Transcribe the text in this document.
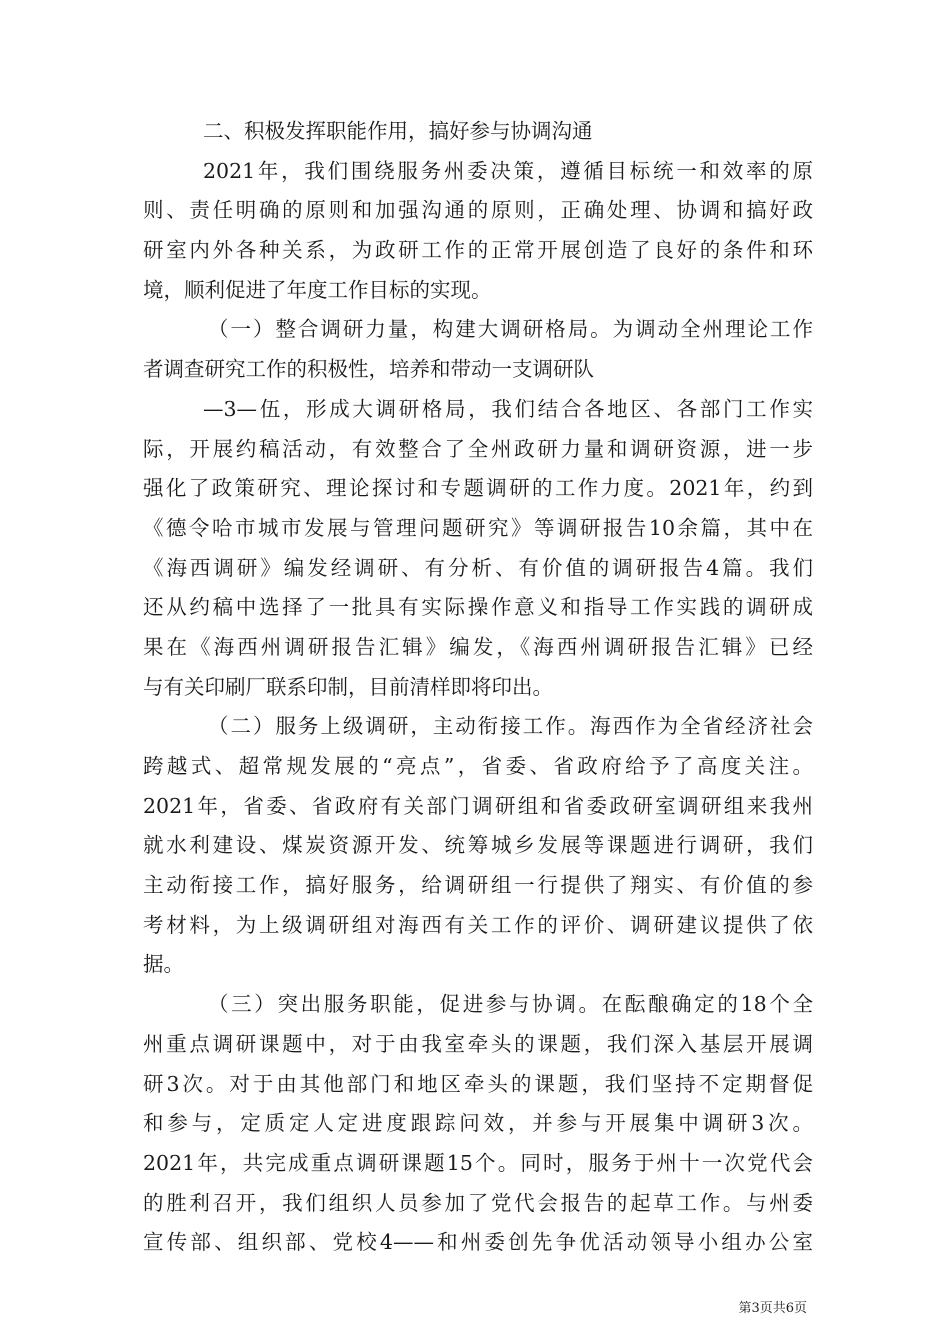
二、积极发挥职能作用，搞好参与协调沟通
2021年，我们围绕服务州委决策，遵循目标统一和效率的原
则、责任明确的原则和加强沟通的原则，正确处理、协调和搞好政
研室内外各种关系，为政研工作的正常开展创造了良好的条件和环
境，顺利促进了年度工作目标的实现。
（一）整合调研力量，构建大调研格局。为调动全州理论工作
者调查研究工作的积极性，培养和带动一支调研队
—3—伍，形成大调研格局，我们结合各地区、各部门工作实
际，开展约稿活动，有效整合了全州政研力量和调研资源，进一步
强化了政策研究、理论探讨和专题调研的工作力度。2021年，约到
《德令哈市城市发展与管理问题研究》等调研报告10余篇，其中在
《海西调研》编发经调研、有分析、有价值的调研报告4篇。我们
还从约稿中选择了一批具有实际操作意义和指导工作实践的调研成
果在《海西州调研报告汇辑》编发，《海西州调研报告汇辑》已经
与有关印刷厂联系印制，目前清样即将印出。
（二）服务上级调研，主动衔接工作。海西作为全省经济社会
跨越式、超常规发展的“亮点”，省委、省政府给予了高度关注。
2021年，省委、省政府有关部门调研组和省委政研室调研组来我州
就水利建设、煤炭资源开发、统筹城乡发展等课题进行调研，我们
主动衔接工作，搞好服务，给调研组一行提供了翔实、有价值的参
考材料，为上级调研组对海西有关工作的评价、调研建议提供了依
据。
（三）突出服务职能，促进参与协调。在酝酿确定的18个全
州重点调研课题中，对于由我室牵头的课题，我们深入基层开展调
研3次。对于由其他部门和地区牵头的课题，我们坚持不定期督促
和参与，定质定人定进度跟踪问效，并参与开展集中调研3次。
2021年，共完成重点调研课题15个。同时，服务于州十一次党代会
的胜利召开，我们组织人员参加了党代会报告的起草工作。与州委
宣传部、组织部、党校4——和州委创先争优活动领导小组办公室
第3页共6页
